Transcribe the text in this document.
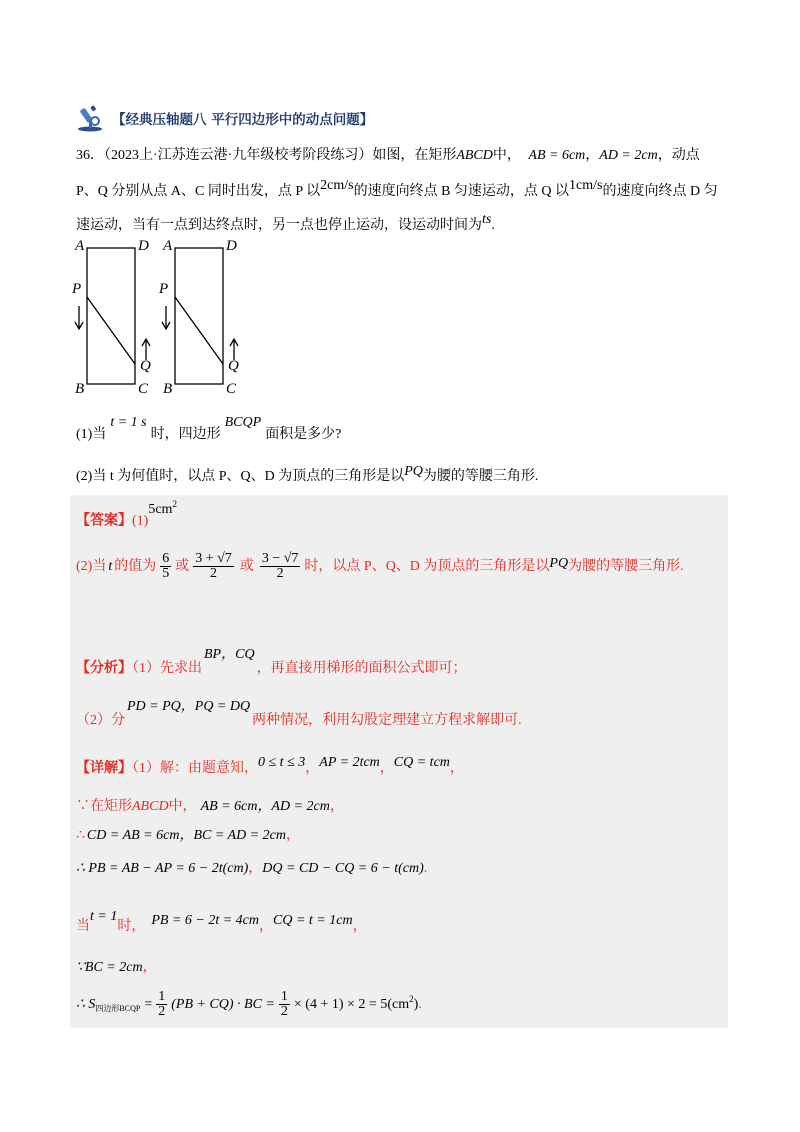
【经典压轴题八 平行四边形中的动点问题】
36．（2023上·江苏连云港·九年级校考阶段练习）如图，在矩形ABCD中， AB = 6cm，AD = 2cm，动点
P、Q 分别从点 A、C 同时出发，点 P 以2cm/s的速度向终点 B 匀速运动，点 Q 以1cm/s的速度向终点 D 匀
速运动，当有一点到达终点时，另一点也停止运动，设运动时间为ts.
A	D
P
Q
B	C
A	D
P
Q
B	C
(1)当t = 1 s时，四边形BCQP面积是多少?
(2)当 t 为何值时，以点 P、Q、D 为顶点的三角形是以PQ为腰的等腰三角形.
【答案】$(1)5cm^2$
(2)当 t 的值为 $\frac{6}{5}$ 或 $\frac{3 + √7}{2}$ 或 $\frac{3 - √7}{2}$ 时，以点 P、Q、D 为顶点的三角形是以 PQ 为腰的等腰三角形.
【分析】（1）先求出BP，CQ，再直接用梯形的面积公式即可；
（2）分PD = PQ，PQ = DQ两种情况，利用勾股定理建立方程求解即可.
【详解】（1）解：由题意知，0 ≤ t ≤ 3，AP = 2tcm，CQ = tcm，
∵在矩形ABCD中， AB = 6cm，AD = 2cm，
∴ CD = AB = 6cm，BC = AD = 2cm，
∴ PB = AB − AP = 6 − 2t(cm)，DQ = CD − CQ = 6 − t(cm).
当t = 1时， PB = 6 − 2t = 4cm，CQ = t = 1cm，
∵BC = 2cm，
∴ $S_{四边形BCQP} = \frac{1}{2} (PB + CQ)$ · BC = $\frac{1}{2} \times (4 + 1) \times 2 = 5(cm^2$ ) .
